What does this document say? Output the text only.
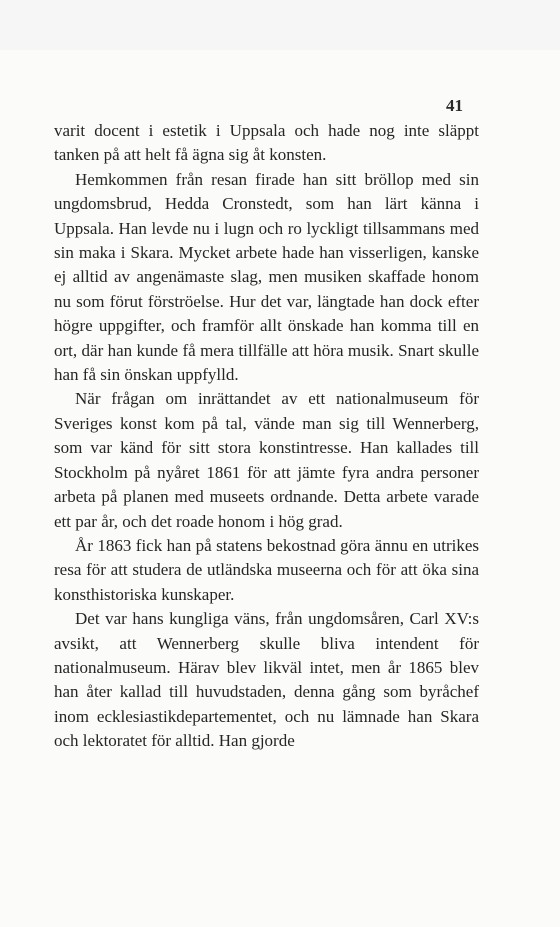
41

varit docent i estetik i Uppsala och hade nog inte släppt tanken på att helt få ägna sig åt konsten.

Hemkommen från resan firade han sitt bröllop med sin ungdomsbrud, Hedda Cronstedt, som han lärt känna i Uppsala. Han levde nu i lugn och ro lyckligt tillsammans med sin maka i Skara. Mycket arbete hade han visserligen, kanske ej alltid av angenämaste slag, men musiken skaffade honom nu som förut förströelse. Hur det var, längtade han dock efter högre uppgifter, och framför allt önskade han komma till en ort, där han kunde få mera tillfälle att höra musik. Snart skulle han få sin önskan uppfylld.

När frågan om inrättandet av ett nationalmuseum för Sveriges konst kom på tal, vände man sig till Wennerberg, som var känd för sitt stora konstintresse. Han kallades till Stockholm på nyåret 1861 för att jämte fyra andra personer arbeta på planen med museets ordnande. Detta arbete varade ett par år, och det roade honom i hög grad.

År 1863 fick han på statens bekostnad göra ännu en utrikes resa för att studera de utländska museerna och för att öka sina konsthistoriska kunskaper.

Det var hans kungliga väns, från ungdomsåren, Carl XV:s avsikt, att Wennerberg skulle bliva intendent för nationalmuseum. Härav blev likväl intet, men år 1865 blev han åter kallad till huvudstaden, denna gång som byråchef inom ecklesiastikdepartementet, och nu lämnade han Skara och lektoratet för alltid. Han gjorde
